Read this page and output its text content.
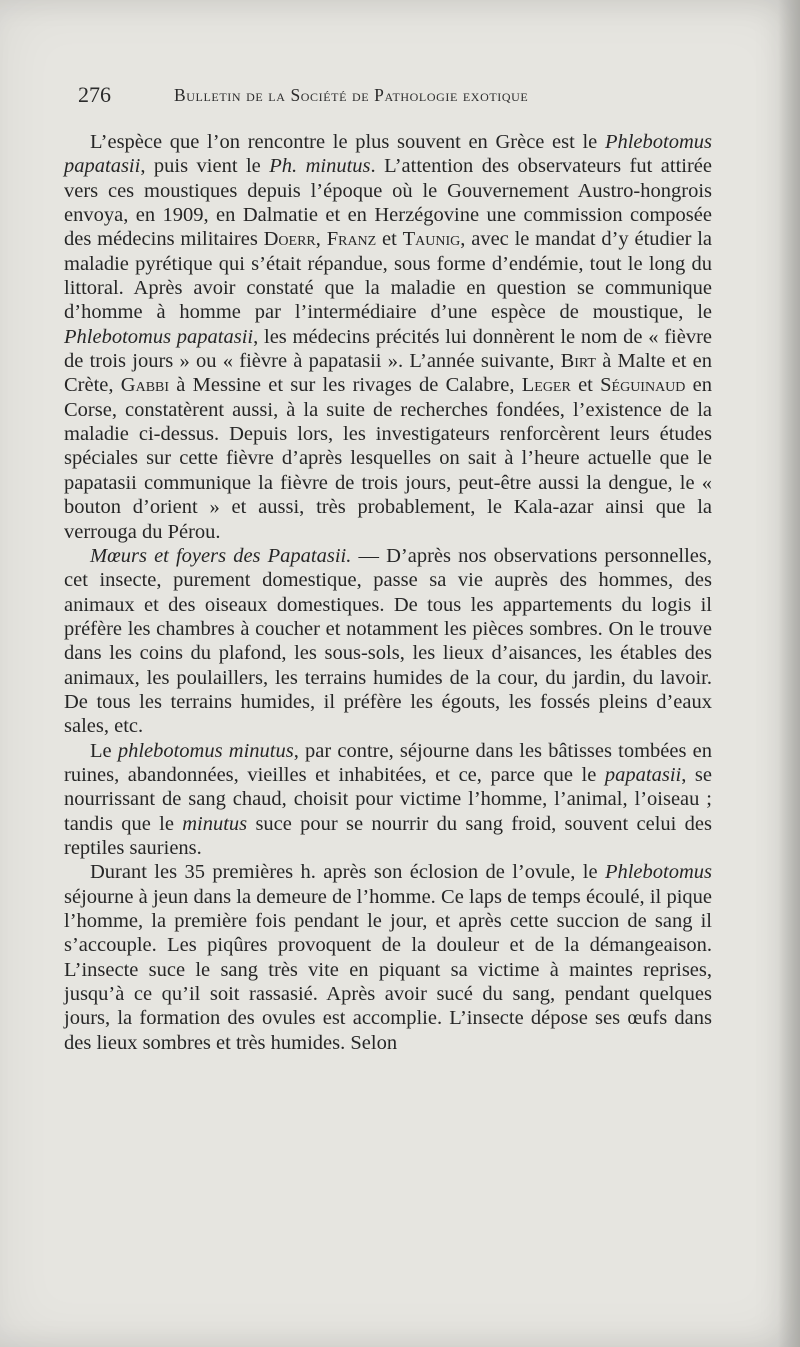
276	Bulletin de la Société de Pathologie exotique

L’espèce que l’on rencontre le plus souvent en Grèce est le Phlebotomus papatasii, puis vient le Ph. minutus. L’attention des observateurs fut attirée vers ces moustiques depuis l’époque où le Gouvernement Austro-hongrois envoya, en 1909, en Dalmatie et en Herzégovine une commission composée des médecins militaires Doerr, Franz et Taunig, avec le mandat d’y étudier la maladie pyrétique qui s’était répandue, sous forme d’endémie, tout le long du littoral. Après avoir constaté que la maladie en question se communique d’homme à homme par l’intermédiaire d’une espèce de moustique, le Phlebotomus papatasii, les médecins précités lui donnèrent le nom de « fièvre de trois jours » ou « fièvre à papatasii ». L’année suivante, Birt à Malte et en Crète, Gabbi à Messine et sur les rivages de Calabre, Leger et Séguinaud en Corse, constatèrent aussi, à la suite de recherches fondées, l’existence de la maladie ci-dessus. Depuis lors, les investigateurs renforcèrent leurs études spéciales sur cette fièvre d’après lesquelles on sait à l’heure actuelle que le papatasii communique la fièvre de trois jours, peut-être aussi la dengue, le « bouton d’orient » et aussi, très probablement, le Kala-azar ainsi que la verrouga du Pérou.

Mœurs et foyers des Papatasii. — D’après nos observations personnelles, cet insecte, purement domestique, passe sa vie auprès des hommes, des animaux et des oiseaux domestiques. De tous les appartements du logis il préfère les chambres à coucher et notamment les pièces sombres. On le trouve dans les coins du plafond, les sous-sols, les lieux d’aisances, les étables des animaux, les poulaillers, les terrains humides de la cour, du jardin, du lavoir. De tous les terrains humides, il préfère les égouts, les fossés pleins d’eaux sales, etc.

Le phlebotomus minutus, par contre, séjourne dans les bâtisses tombées en ruines, abandonnées, vieilles et inhabitées, et ce, parce que le papatasii, se nourrissant de sang chaud, choisit pour victime l’homme, l’animal, l’oiseau ; tandis que le minutus suce pour se nourrir du sang froid, souvent celui des reptiles sauriens.

Durant les 35 premières h. après son éclosion de l’ovule, le Phlebotomus séjourne à jeun dans la demeure de l’homme. Ce laps de temps écoulé, il pique l’homme, la première fois pendant le jour, et après cette succion de sang il s’accouple. Les piqûres provoquent de la douleur et de la démangeaison. L’insecte suce le sang très vite en piquant sa victime à maintes reprises, jusqu’à ce qu’il soit rassasié. Après avoir sucé du sang, pendant quelques jours, la formation des ovules est accomplie. L’insecte dépose ses œufs dans des lieux sombres et très humides. Selon
